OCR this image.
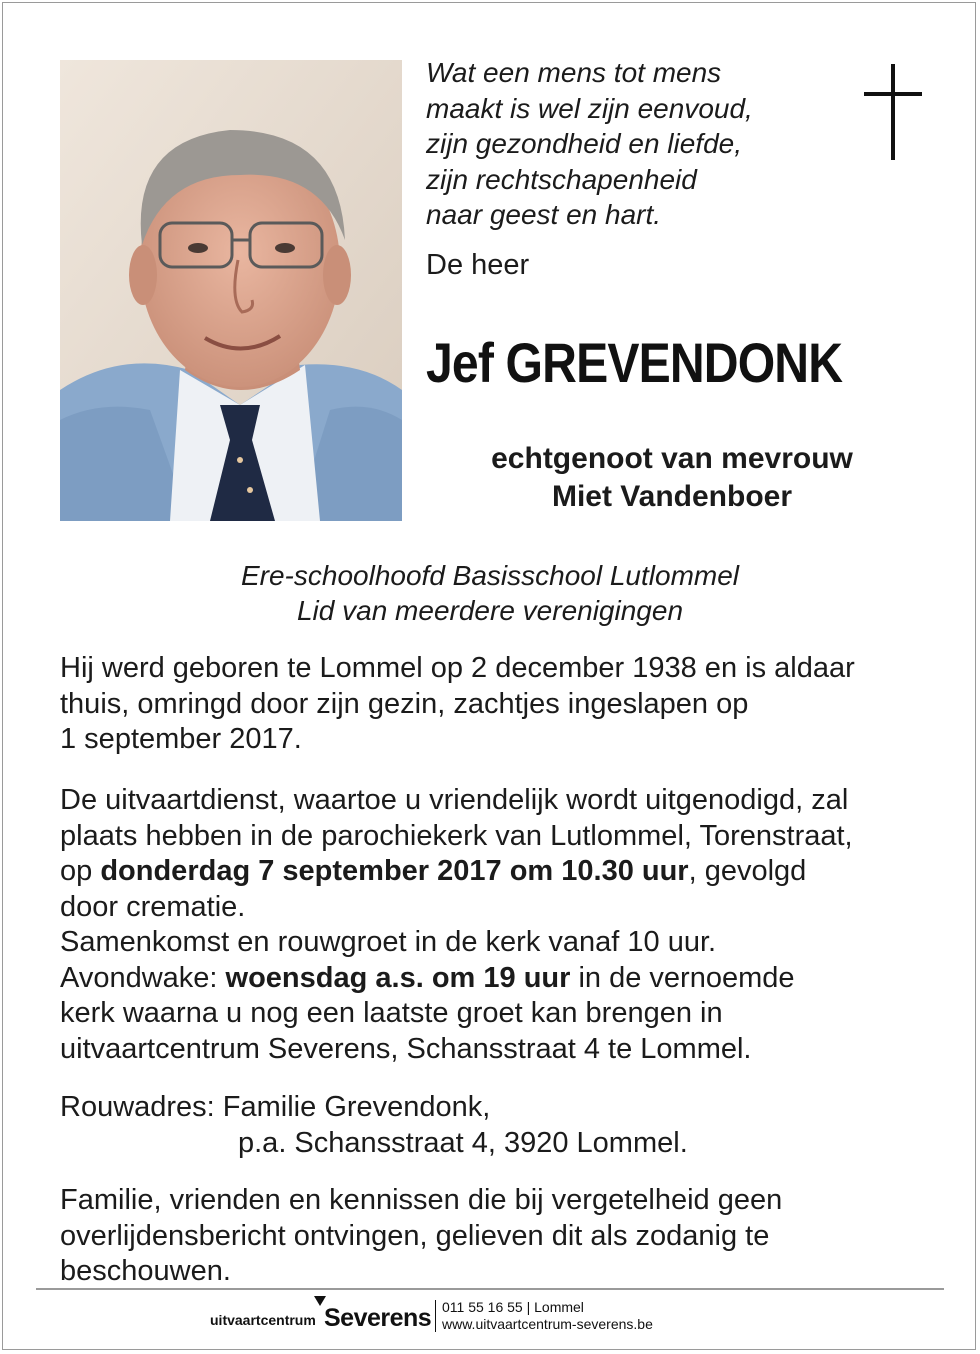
Wat een mens tot mens
maakt is wel zijn eenvoud,
zijn gezondheid en liefde,
zijn rechtschapenheid
naar geest en hart.
De heer
Jef GREVENDONK
echtgenoot van mevrouw
Miet Vandenboer
Ere-schoolhoofd Basisschool Lutlommel
Lid van meerdere verenigingen
Hij werd geboren te Lommel op 2 december 1938 en is aldaar
thuis, omringd door zijn gezin, zachtjes ingeslapen op
1 september 2017.
De uitvaartdienst, waartoe u vriendelijk wordt uitgenodigd, zal
plaats hebben in de parochiekerk van Lutlommel, Torenstraat,
op donderdag 7 september 2017 om 10.30 uur, gevolgd
door crematie.
Samenkomst en rouwgroet in de kerk vanaf 10 uur.
Avondwake: woensdag a.s. om 19 uur in de vernoemde
kerk waarna u nog een laatste groet kan brengen in
uitvaartcentrum Severens, Schansstraat 4 te Lommel.
Rouwadres: Familie Grevendonk,
p.a. Schansstraat 4, 3920 Lommel.
Familie, vrienden en kennissen die bij vergetelheid geen
overlijdensbericht ontvingen, gelieven dit als zodanig te
beschouwen.
uitvaartcentrum Severens 011 55 16 55 | Lommel
www.uitvaartcentrum-severens.be
